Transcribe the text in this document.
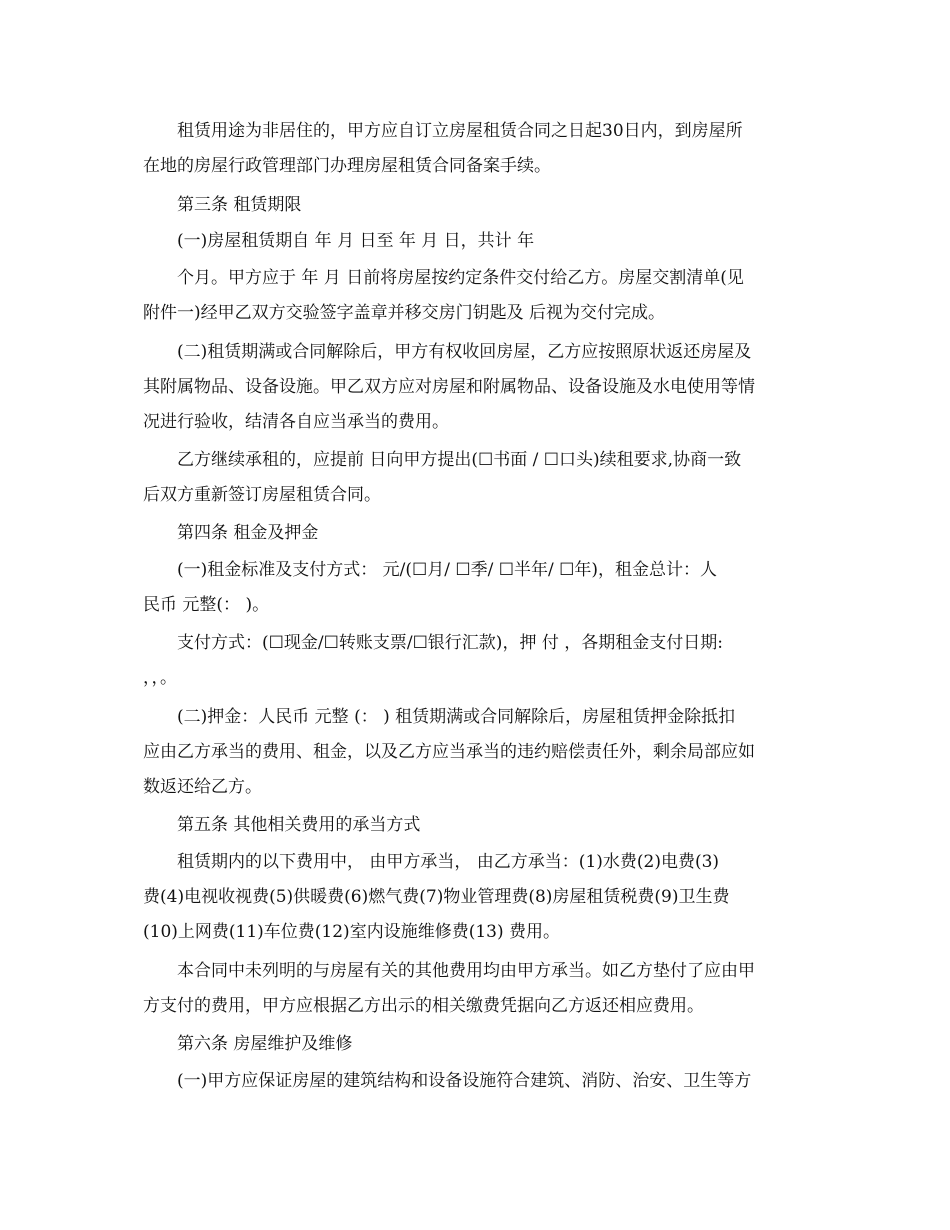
租赁用途为非居住的，甲方应自订立房屋租赁合同之日起30日内，到房屋所

在地的房屋行政管理部门办理房屋租赁合同备案手续。

第三条 租赁期限

(一)房屋租赁期自 年 月 日至 年 月 日，共计 年

个月。甲方应于 年 月 日前将房屋按约定条件交付给乙方。房屋交割清单(见

附件一)经甲乙双方交验签字盖章并移交房门钥匙及 后视为交付完成。

(二)租赁期满或合同解除后，甲方有权收回房屋，乙方应按照原状返还房屋及

其附属物品、设备设施。甲乙双方应对房屋和附属物品、设备设施及水电使用等情

况进行验收，结清各自应当承当的费用。

乙方继续承租的，应提前 日向甲方提出(☐书面 / ☐口头)续租要求,协商一致

后双方重新签订房屋租赁合同。

第四条 租金及押金

(一)租金标准及支付方式： 元/(☐月/ ☐季/ ☐半年/ ☐年)，租金总计：人

民币 元整(： )。

支付方式：(☐现金/☐转账支票/☐银行汇款)，押 付 ，各期租金支付日期:

，，。

(二)押金：人民币 元整 (： ) 租赁期满或合同解除后，房屋租赁押金除抵扣

应由乙方承当的费用、租金，以及乙方应当承当的违约赔偿责任外，剩余局部应如

数返还给乙方。

第五条 其他相关费用的承当方式

租赁期内的以下费用中， 由甲方承当， 由乙方承当：(1)水费(2)电费(3)

费(4)电视收视费(5)供暖费(6)燃气费(7)物业管理费(8)房屋租赁税费(9)卫生费

(10)上网费(11)车位费(12)室内设施维修费(13) 费用。

本合同中未列明的与房屋有关的其他费用均由甲方承当。如乙方垫付了应由甲

方支付的费用，甲方应根据乙方出示的相关缴费凭据向乙方返还相应费用。

第六条 房屋维护及维修

(一)甲方应保证房屋的建筑结构和设备设施符合建筑、消防、治安、卫生等方
